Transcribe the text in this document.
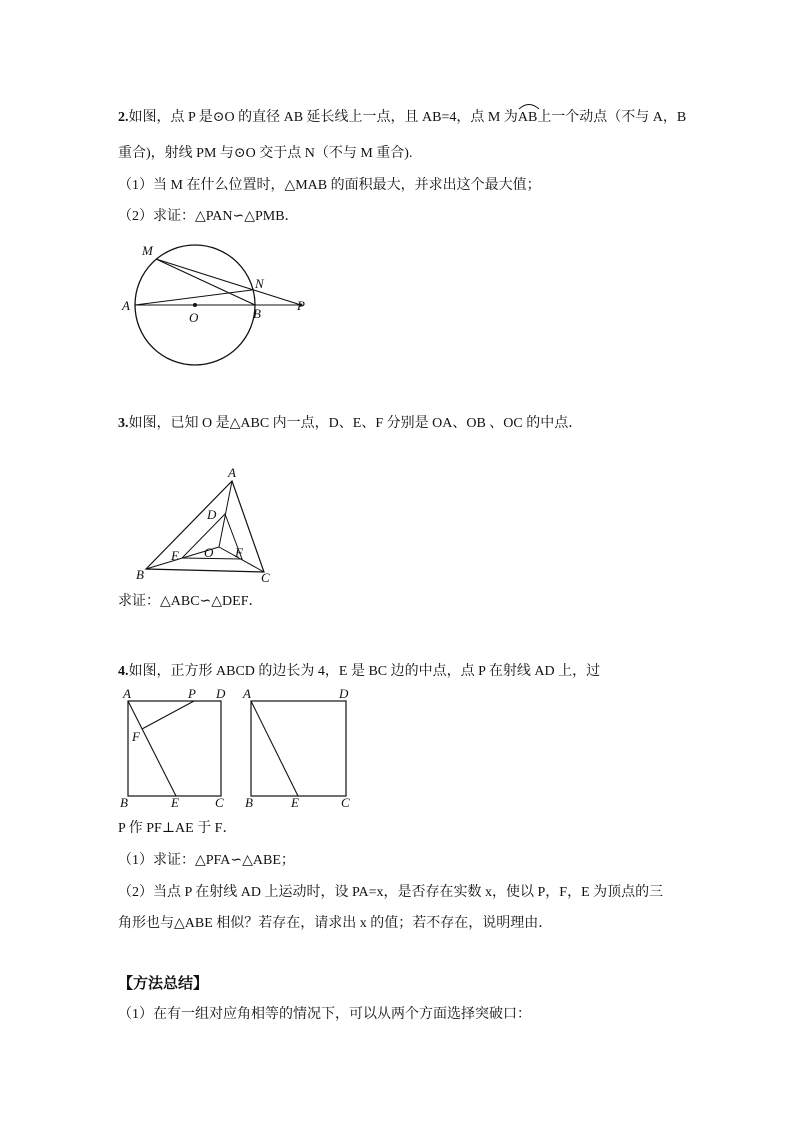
2.如图，点 P 是⊙O 的直径 AB 延长线上一点，且 AB=4，点 M 为
AB上一个动点（不与 A，B
重合)，射线 PM 与⊙O 交于点 N（不与 M 重合).
（1）当 M 在什么位置时，△MAB 的面积最大，并求出这个最大值；
（2）求证：△PAN∽△PMB．
M
N
A
O	B
P
3.如图，已知 O 是△ABC 内一点，D、E、F 分别是 OA、OB 、OC 的中点．
A
D
E O F
B	C
求证：△ABC∽△DEF．
4.如图，正方形 ABCD 的边长为 4，E 是 BC 边的中点，点 P 在射线 AD 上，过
A	P D
F
B	E	C
A	D
B	E	C
P 作 PF⊥AE 于 F．
（1）求证：△PFA∽△ABE；
（2）当点 P 在射线 AD 上运动时，设 PA=x，是否存在实数 x，使以 P，F，E 为顶点的三
角形也与△ABE 相似？若存在，请求出 x 的值；若不存在，说明理由．
【方法总结】
（1）在有一组对应角相等的情况下，可以从两个方面选择突破口：
